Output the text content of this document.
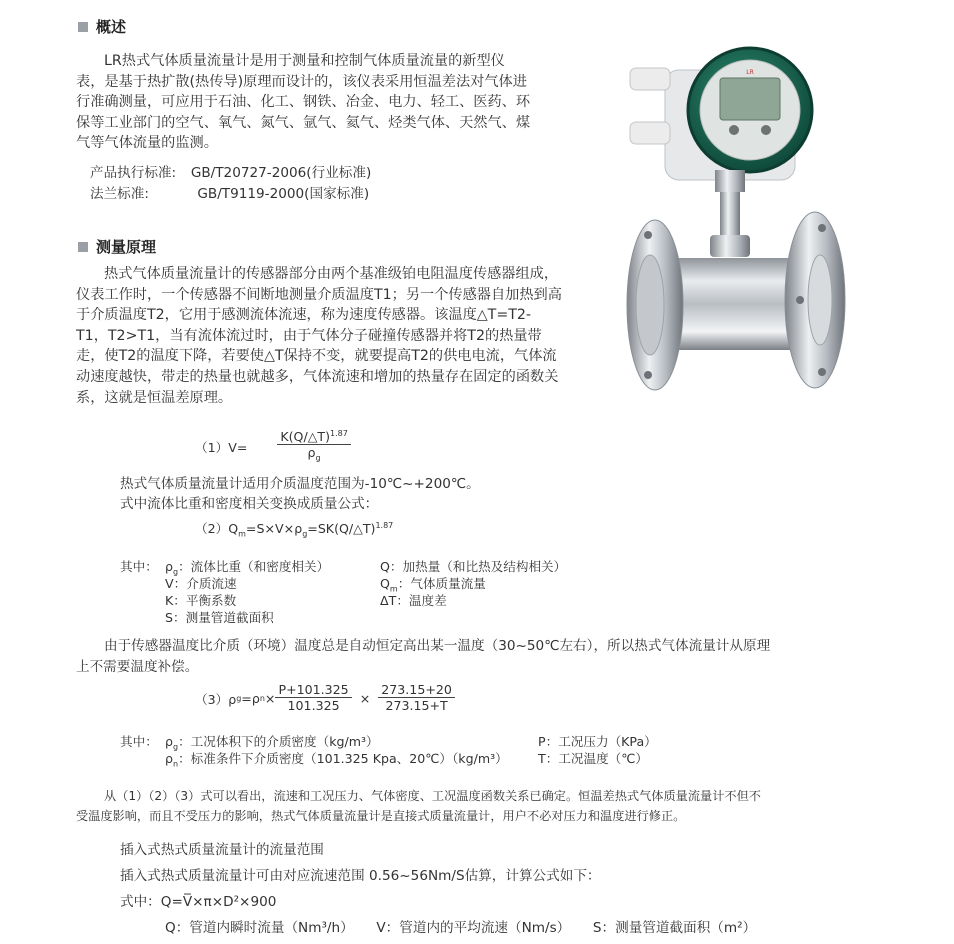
概述
LR热式气体质量流量计是用于测量和控制气体质量流量的新型仪
表，是基于热扩散(热传导)原理而设计的，该仪表采用恒温差法对气体进
行准确测量，可应用于石油、化工、钢铁、冶金、电力、轻工、医药、环
保等工业部门的空气、氧气、氮气、氩气、氦气、烃类气体、天然气、煤
气等气体流量的监测。
产品执行标准: GB/T20727-2006(行业标准)
法兰标准:	GB/T9119-2000(国家标准)
测量原理
热式气体质量流量计的传感器部分由两个基准级铂电阻温度传感器组成，
仪表工作时，一个传感器不间断地测量介质温度T1；另一个传感器自加热到高
于介质温度T2，它用于感测流体流速，称为速度传感器。该温度△T=T2-
T1，T2>T1，当有流体流过时，由于气体分子碰撞传感器并将T2的热量带
走，使T2的温度下降，若要使△T保持不变，就要提高T2的供电电流，气体流
动速度越快，带走的热量也就越多，气体流速和增加的热量存在固定的函数关
系，这就是恒温差原理。
$(1)V= \frac{K(Q/\triangle T)^{1.87}}{\rho_g}$
热式气体质量流量计适用介质温度范围为-10℃~+200℃。
式中流体比重和密度相关变换成质量公式：
$(2)Q_m=S\times V\times\rho_g=SK(Q/\triangle T)^{1.87}$
其中： $\rho_g$：流体比重（和密度相关）
V：介质流速
K：平衡系数
S：测量管道截面积
Q：加热量（和比热及结构相关）
$Q_m$：气体质量流量
ΔT：温度差
由于传感器温度比介质（环境）温度总是自动恒定高出某一温度（30~50℃左右），所以热式气体流量计从原理
上不需要温度补偿。
（3）ρ g =ρ $n \times \frac{P+101.325}{101.325} \times \frac{273.15+20}{273.15+T}$
其中： $\rho_g$：工况体积下的介质密度（kg/m³）
$\rho_n$：标准条件下介质密度（101.325 Kpa、20℃）（kg/m³）
P：工况压力（KPa）
T：工况温度（℃）
从（1）（2）（3）式可以看出，流速和工况压力、气体密度、工况温度函数关系已确定。恒温差热式气体质量流量计不但不
受温度影响，而且不受压力的影响，热式气体质量流量计是直接式质量流量计，用户不必对压力和温度进行修正。
插入式热式质量流量计的流量范围
插入式热式质量流量计可由对应流速范围 0.56~56Nm/S估算，计算公式如下：
式中：Q=V̅×π×D²×900
Q：管道内瞬时流量（Nm³/h） V：管道内的平均流速（Nm/s） S：测量管道截面积（m²）
LR
